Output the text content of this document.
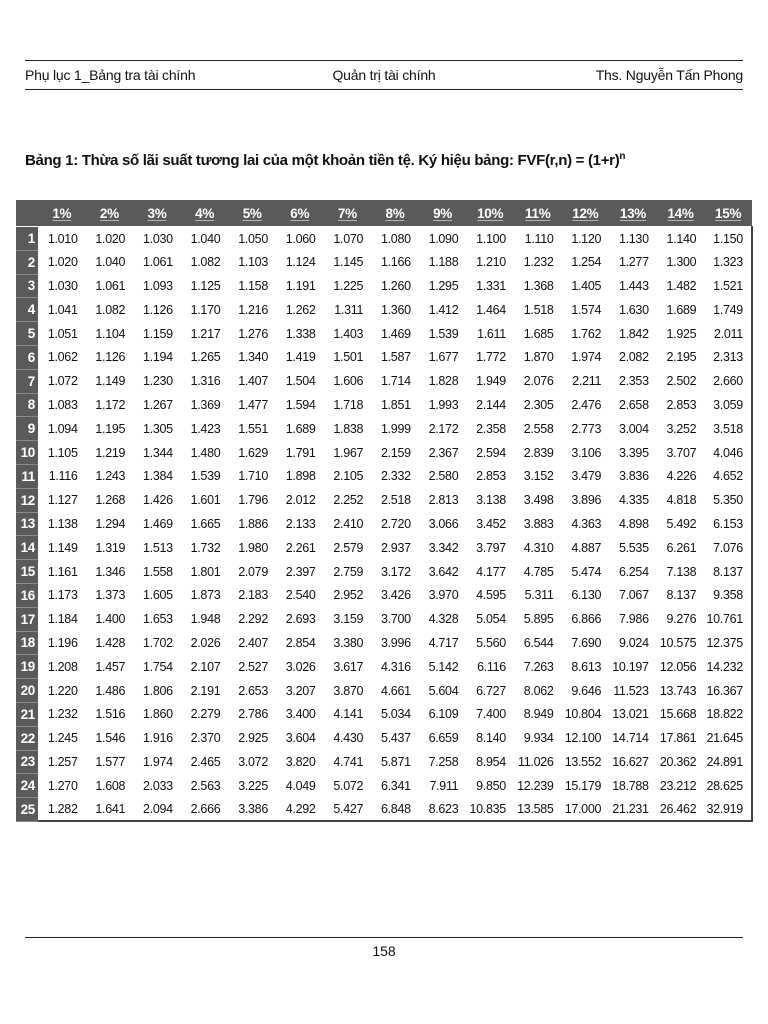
Phụ lục 1_Bảng tra tài chính	Quản trị tài chính	Ths. Nguyễn Tấn Phong
Bảng 1: Thừa số lãi suất tương lai của một khoản tiền tệ. Ký hiệu bảng: $FVF(r,n) = (1+r)^n$
	1%	2%	3%	4%	5%	6%	7%	8%	9%	10%	11%	12%	13%	14%	15%
1	1.010	1.020	1.030	1.040	1.050	1.060	1.070	1.080	1.090	1.100	1.110	1.120	1.130	1.140	1.150
2	1.020	1.040	1.061	1.082	1.103	1.124	1.145	1.166	1.188	1.210	1.232	1.254	1.277	1.300	1.323
3	1.030	1.061	1.093	1.125	1.158	1.191	1.225	1.260	1.295	1.331	1.368	1.405	1.443	1.482	1.521
4	1.041	1.082	1.126	1.170	1.216	1.262	1.311	1.360	1.412	1.464	1.518	1.574	1.630	1.689	1.749
5	1.051	1.104	1.159	1.217	1.276	1.338	1.403	1.469	1.539	1.611	1.685	1.762	1.842	1.925	2.011
6	1.062	1.126	1.194	1.265	1.340	1.419	1.501	1.587	1.677	1.772	1.870	1.974	2.082	2.195	2.313
7	1.072	1.149	1.230	1.316	1.407	1.504	1.606	1.714	1.828	1.949	2.076	2.211	2.353	2.502	2.660
8	1.083	1.172	1.267	1.369	1.477	1.594	1.718	1.851	1.993	2.144	2.305	2.476	2.658	2.853	3.059
9	1.094	1.195	1.305	1.423	1.551	1.689	1.838	1.999	2.172	2.358	2.558	2.773	3.004	3.252	3.518
10	1.105	1.219	1.344	1.480	1.629	1.791	1.967	2.159	2.367	2.594	2.839	3.106	3.395	3.707	4.046
11	1.116	1.243	1.384	1.539	1.710	1.898	2.105	2.332	2.580	2.853	3.152	3.479	3.836	4.226	4.652
12	1.127	1.268	1.426	1.601	1.796	2.012	2.252	2.518	2.813	3.138	3.498	3.896	4.335	4.818	5.350
13	1.138	1.294	1.469	1.665	1.886	2.133	2.410	2.720	3.066	3.452	3.883	4.363	4.898	5.492	6.153
14	1.149	1.319	1.513	1.732	1.980	2.261	2.579	2.937	3.342	3.797	4.310	4.887	5.535	6.261	7.076
15	1.161	1.346	1.558	1.801	2.079	2.397	2.759	3.172	3.642	4.177	4.785	5.474	6.254	7.138	8.137
16	1.173	1.373	1.605	1.873	2.183	2.540	2.952	3.426	3.970	4.595	5.311	6.130	7.067	8.137	9.358
17	1.184	1.400	1.653	1.948	2.292	2.693	3.159	3.700	4.328	5.054	5.895	6.866	7.986	9.276	10.761
18	1.196	1.428	1.702	2.026	2.407	2.854	3.380	3.996	4.717	5.560	6.544	7.690	9.024	10.575	12.375
19	1.208	1.457	1.754	2.107	2.527	3.026	3.617	4.316	5.142	6.116	7.263	8.613	10.197	12.056	14.232
20	1.220	1.486	1.806	2.191	2.653	3.207	3.870	4.661	5.604	6.727	8.062	9.646	11.523	13.743	16.367
21	1.232	1.516	1.860	2.279	2.786	3.400	4.141	5.034	6.109	7.400	8.949	10.804	13.021	15.668	18.822
22	1.245	1.546	1.916	2.370	2.925	3.604	4.430	5.437	6.659	8.140	9.934	12.100	14.714	17.861	21.645
23	1.257	1.577	1.974	2.465	3.072	3.820	4.741	5.871	7.258	8.954	11.026	13.552	16.627	20.362	24.891
24	1.270	1.608	2.033	2.563	3.225	4.049	5.072	6.341	7.911	9.850	12.239	15.179	18.788	23.212	28.625
25	1.282	1.641	2.094	2.666	3.386	4.292	5.427	6.848	8.623	10.835	13.585	17.000	21.231	26.462	32.919
158
